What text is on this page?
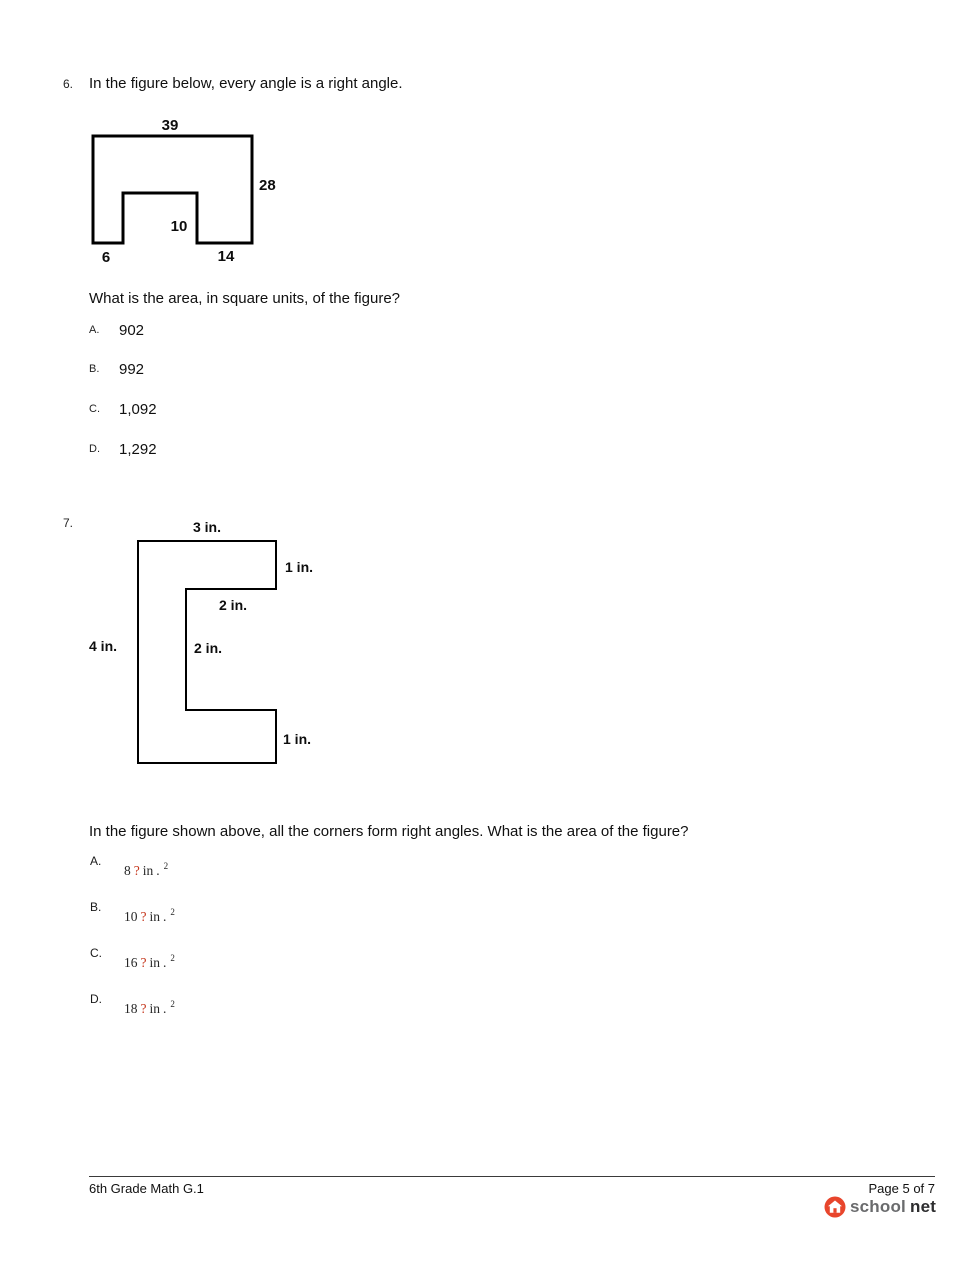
6. In the figure below, every angle is a right angle.
39
28
10
6	14
What is the area, in square units, of the figure?
A. 902
B. 992
C. 1,092
D. 1,292
7.	3 in.
1 in.
2 in.
2 in.
4 in.
1 in.
In the figure shown above, all the corners form right angles. What is the area of the figure?
A.
8 ? in . $^2$
B.
10 ? in . $^2$
C.
16 ? in . $^2$
D.
18 ? in . $^2$
6th Grade Math G.1	Page 5 of 7
school net
